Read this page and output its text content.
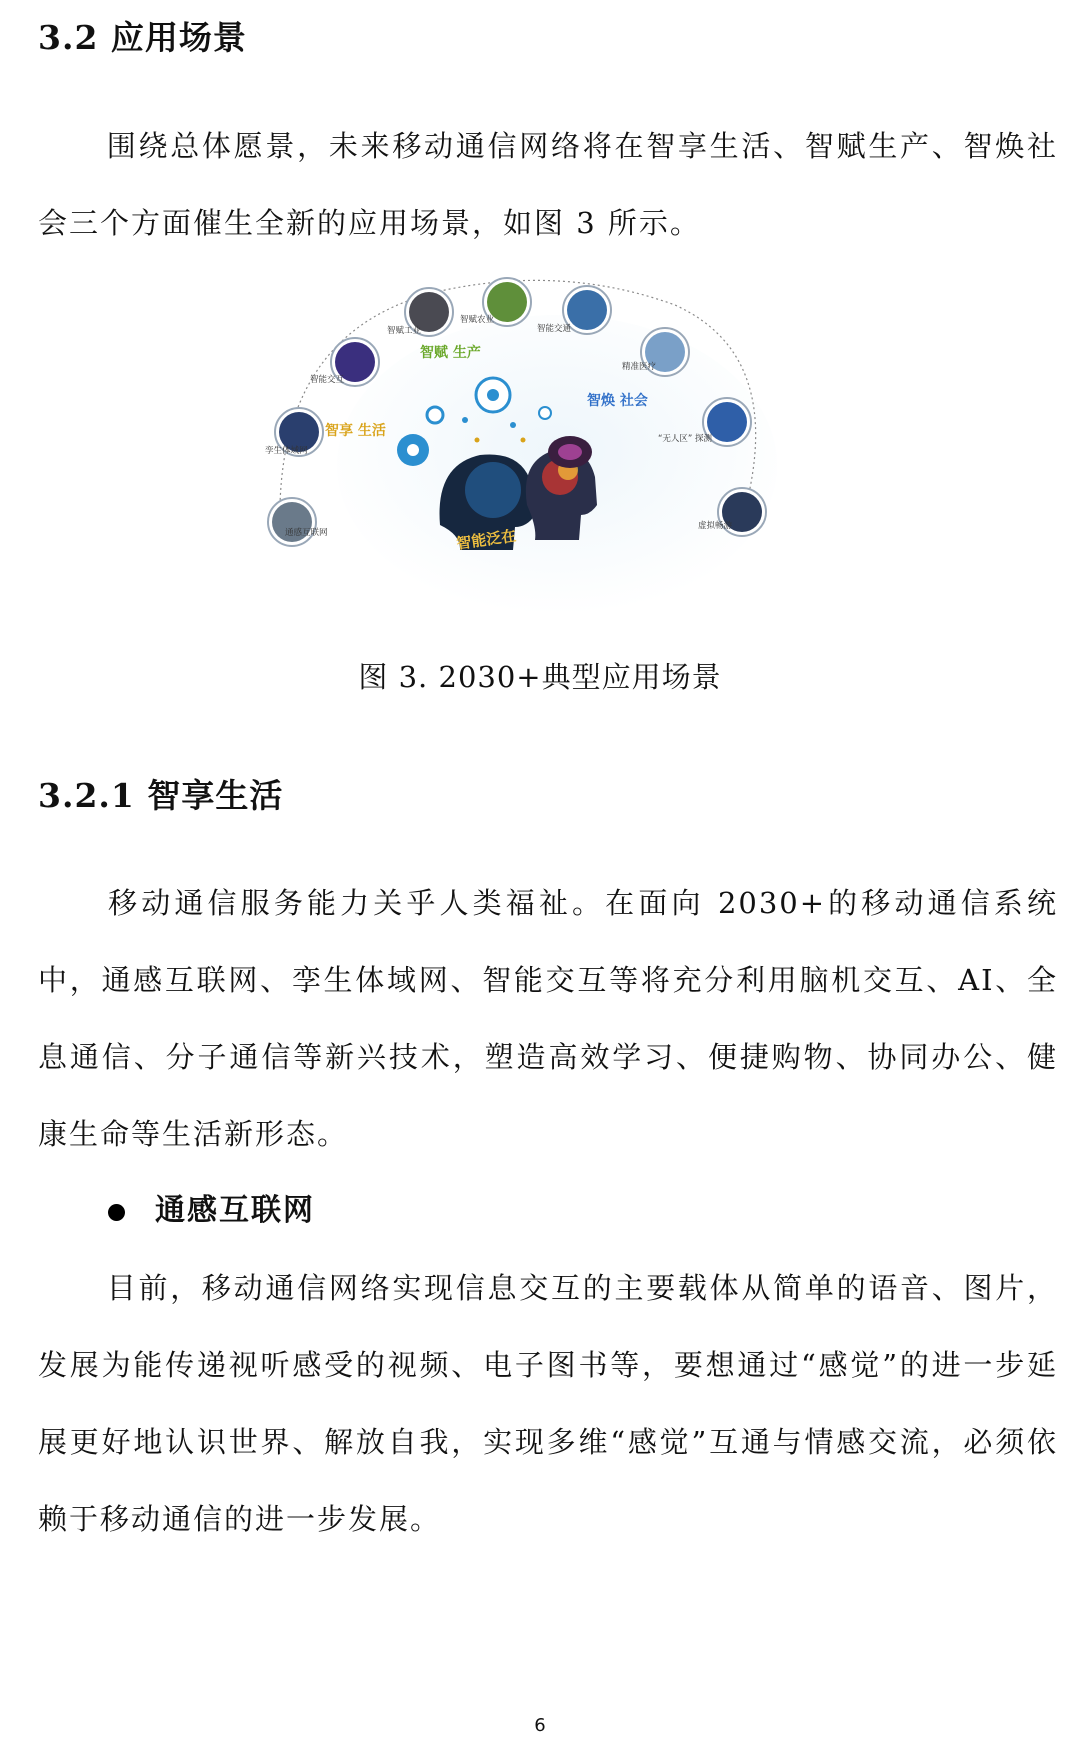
3.2 应用场景
围绕总体愿景，未来移动通信网络将在智享生活、智赋生产、智焕社会三个方面催生全新的应用场景，如图 3 所示。
通感互联网
孪生体域网
智能交互
智赋工业
智赋农业
智能交通
精准医疗
“无人区” 探测
虚拟畅游
智享 生活
智赋 生产
智焕 社会
智能泛在
图 3. 2030+典型应用场景
3.2.1 智享生活
移动通信服务能力关乎人类福祉。在面向 2030+的移动通信系统中，通感互联网、孪生体域网、智能交互等将充分利用脑机交互、AI、全息通信、分子通信等新兴技术，塑造高效学习、便捷购物、协同办公、健康生命等生活新形态。
通感互联网
目前，移动通信网络实现信息交互的主要载体从简单的语音、图片，发展为能传递视听感受的视频、电子图书等，要想通过“感觉”的进一步延展更好地认识世界、解放自我，实现多维“感觉”互通与情感交流，必须依赖于移动通信的进一步发展。
6
